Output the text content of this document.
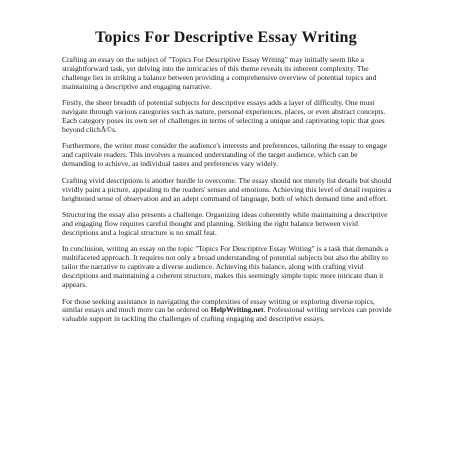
Topics For Descriptive Essay Writing

Crafting an essay on the subject of "Topics For Descriptive Essay Writing" may initially seem like a straightforward task, yet delving into the intricacies of this theme reveals its inherent complexity. The challenge lies in striking a balance between providing a comprehensive overview of potential topics and maintaining a descriptive and engaging narrative.

Firstly, the sheer breadth of potential subjects for descriptive essays adds a layer of difficulty. One must navigate through various categories such as nature, personal experiences, places, or even abstract concepts. Each category poses its own set of challenges in terms of selecting a unique and captivating topic that goes beyond clichÃ©s.

Furthermore, the writer must consider the audience's interests and preferences, tailoring the essay to engage and captivate readers. This involves a nuanced understanding of the target audience, which can be demanding to achieve, as individual tastes and preferences vary widely.

Crafting vivid descriptions is another hurdle to overcome. The essay should not merely list details but should vividly paint a picture, appealing to the readers' senses and emotions. Achieving this level of detail requires a heightened sense of observation and an adept command of language, both of which demand time and effort.

Structuring the essay also presents a challenge. Organizing ideas coherently while maintaining a descriptive and engaging flow requires careful thought and planning. Striking the right balance between vivid descriptions and a logical structure is no small feat.

In conclusion, writing an essay on the topic "Topics For Descriptive Essay Writing" is a task that demands a multifaceted approach. It requires not only a broad understanding of potential subjects but also the ability to tailor the narrative to captivate a diverse audience. Achieving this balance, along with crafting vivid descriptions and maintaining a coherent structure, makes this seemingly simple topic more intricate than it appears.

For those seeking assistance in navigating the complexities of essay writing or exploring diverse topics, similar essays and much more can be ordered on HelpWriting.net. Professional writing services can provide valuable support in tackling the challenges of crafting engaging and descriptive essays.
